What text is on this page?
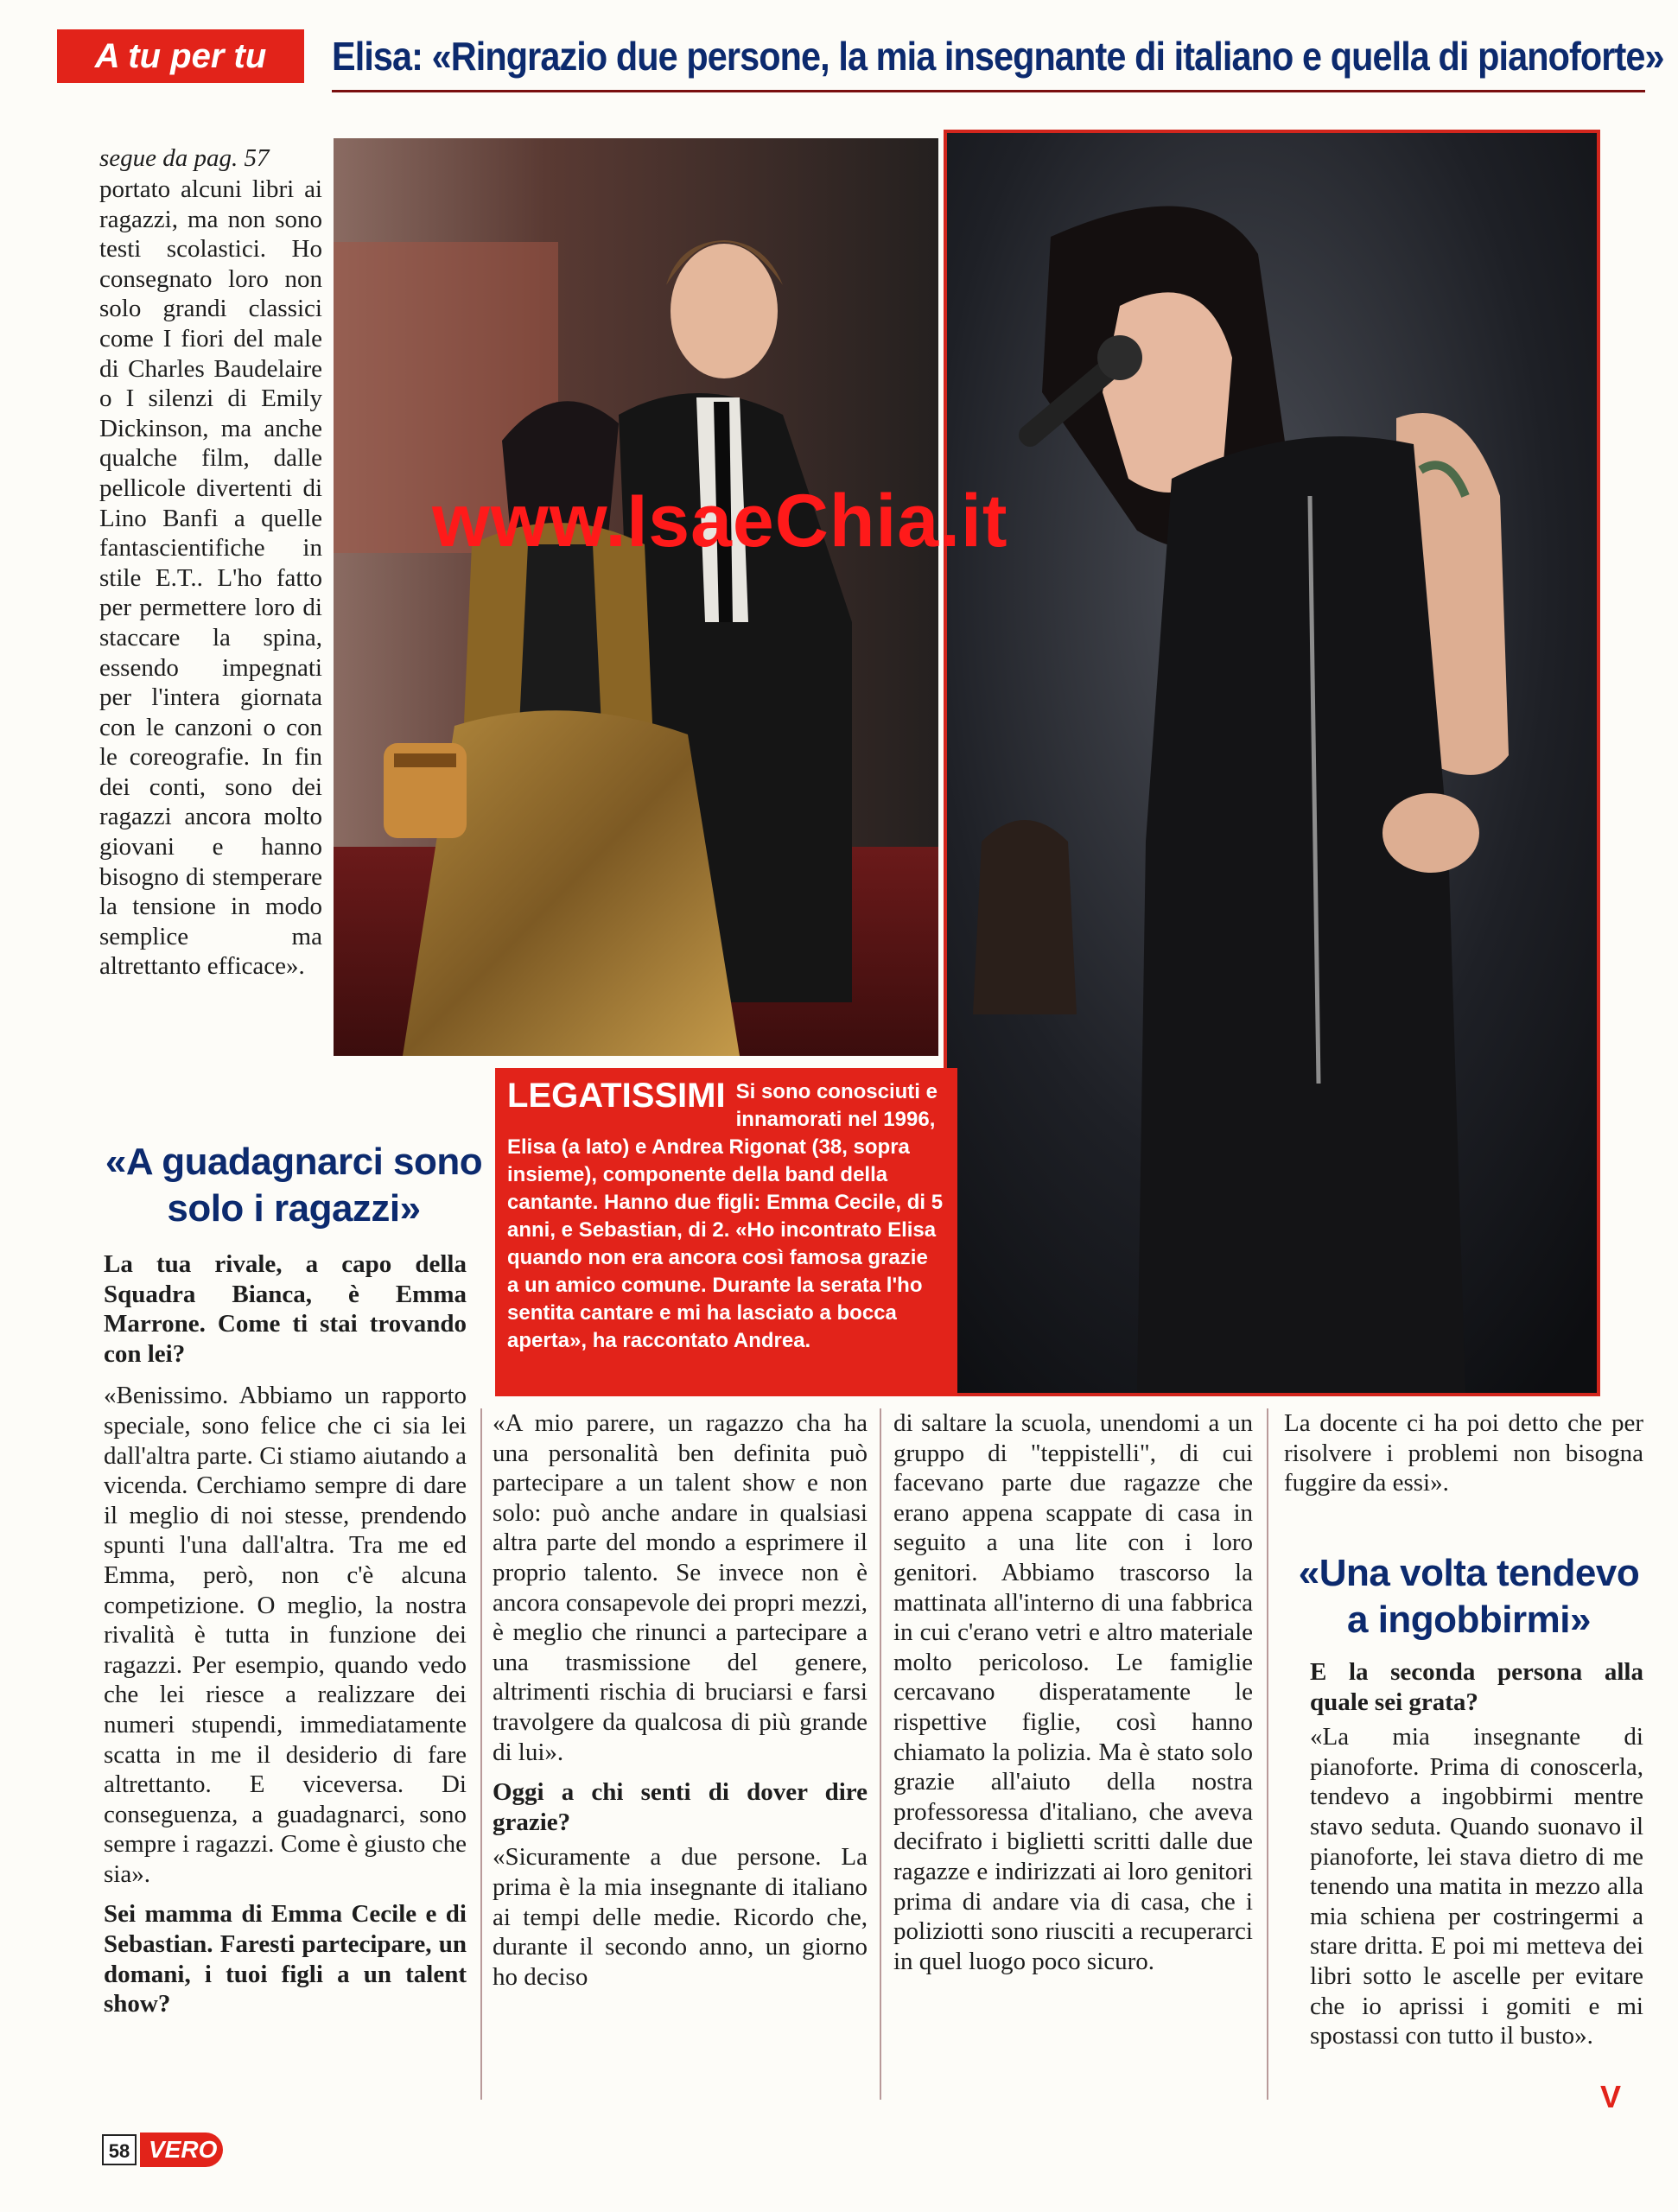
A tu per tu	Elisa: «Ringrazio due persone, la mia insegnante di italiano e quella di pianoforte»

segue da pag. 57

portato alcuni libri ai ragazzi, ma non sono testi scolastici. Ho consegnato loro non solo grandi classici come I fiori del male di Charles Baudelaire o I silenzi di Emily Dickinson, ma anche qualche film, dalle pellicole divertenti di Lino Banfi a quelle fantascientifiche in stile E.T.. L'ho fatto per permettere loro di staccare la spina, essendo impegnati per l'intera giornata con le canzoni o con le coreografie. In fin dei conti, sono dei ragazzi ancora molto giovani e hanno bisogno di stemperare la tensione in modo semplice ma altrettanto efficace».
www.IsaeChia.it
LEGATISSIMI Si sono conosciuti e innamorati nel 1996, Elisa (a lato) e Andrea Rigonat (38, sopra insieme), componente della band della cantante. Hanno due figli: Emma Cecile, di 5 anni, e Sebastian, di 2. «Ho incontrato Elisa quando non era ancora così famosa grazie a un amico comune. Durante la serata l'ho sentita cantare e mi ha lasciato a bocca aperta», ha raccontato Andrea.
«A guadagnarci sono solo i ragazzi»

La tua rivale, a capo della Squadra Bianca, è Emma Marrone. Come ti stai trovando con lei?

«Benissimo. Abbiamo un rapporto speciale, sono felice che ci sia lei dall'altra parte. Ci stiamo aiutando a vicenda. Cerchiamo sempre di dare il meglio di noi stesse, prendendo spunti l'una dall'altra. Tra me ed Emma, però, non c'è alcuna competizione. O meglio, la nostra rivalità è tutta in funzione dei ragazzi. Per esempio, quando vedo che lei riesce a realizzare dei numeri stupendi, immediatamente scatta in me il desiderio di fare altrettanto. E viceversa. Di conseguenza, a guadagnarci, sono sempre i ragazzi. Come è giusto che sia».

Sei mamma di Emma Cecile e di Sebastian. Faresti partecipare, un domani, i tuoi figli a un talent show?

«A mio parere, un ragazzo cha ha una personalità ben definita può partecipare a un talent show e non solo: può anche andare in qualsiasi altra parte del mondo a esprimere il proprio talento. Se invece non è ancora consapevole dei propri mezzi, è meglio che rinunci a partecipare a una trasmissione del genere, altrimenti rischia di bruciarsi e farsi travolgere da qualcosa di più grande di lui».

Oggi a chi senti di dover dire grazie?

«Sicuramente a due persone. La prima è la mia insegnante di italiano ai tempi delle medie. Ricordo che, durante il secondo anno, un giorno ho deciso

di saltare la scuola, unendomi a un gruppo di "teppistelli", di cui facevano parte due ragazze che erano appena scappate di casa in seguito a una lite con i loro genitori. Abbiamo trascorso la mattinata all'interno di una fabbrica in cui c'erano vetri e altro materiale molto pericoloso. Le famiglie cercavano disperatamente le rispettive figlie, così hanno chiamato la polizia. Ma è stato solo grazie all'aiuto della nostra professoressa d'italiano, che aveva decifrato i biglietti scritti dalle due ragazze e indirizzati ai loro genitori prima di andare via di casa, che i poliziotti sono riusciti a recuperarci in quel luogo poco sicuro.

La docente ci ha poi detto che per risolvere i problemi non bisogna fuggire da essi».

«Una volta tendevo a ingobbirmi»

E la seconda persona alla quale sei grata?

«La mia insegnante di pianoforte. Prima di conoscerla, tendevo a ingobbirmi mentre stavo seduta. Quando suonavo il pianoforte, lei stava dietro di me tenendo una matita in mezzo alla mia schiena per costringermi a stare dritta. E poi mi metteva dei libri sotto le ascelle per evitare che io aprissi i gomiti e mi spostassi con tutto il busto».

58 VERO
V
